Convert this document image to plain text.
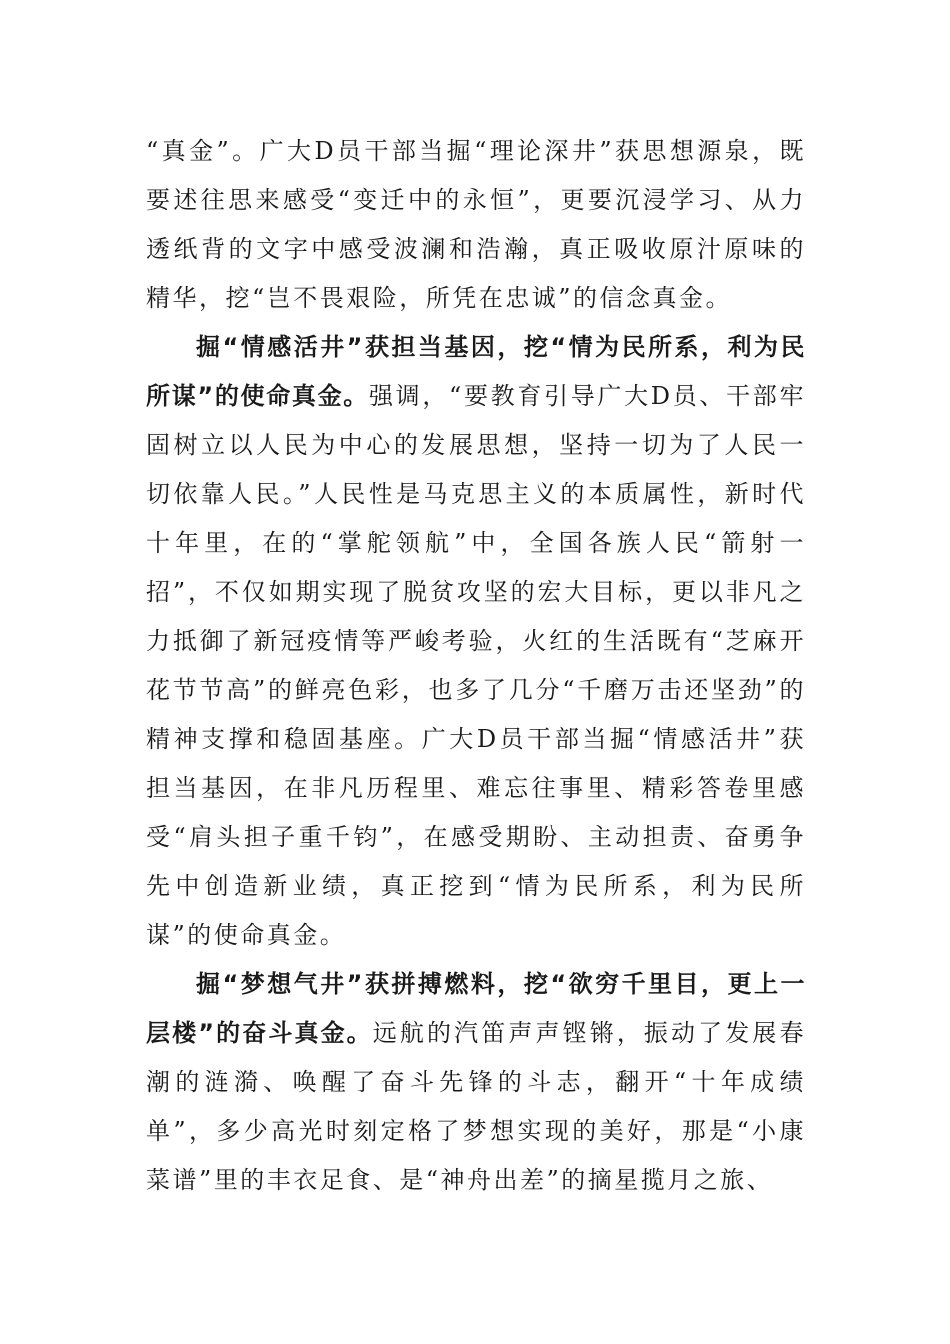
“真金”。广大D员干部当掘“理论深井”获思想源泉，既要述往思来感受“变迁中的永恒”，更要沉浸学习、从力透纸背的文字中感受波澜和浩瀚，真正吸收原汁原味的精华，挖“岂不畏艰险，所凭在忠诚”的信念真金。

掘“情感活井”获担当基因，挖“情为民所系，利为民所谋”的使命真金。强调，“要教育引导广大D员、干部牢固树立以人民为中心的发展思想，坚持一切为了人民一切依靠人民。”人民性是马克思主义的本质属性，新时代十年里，在的“掌舵领航”中，全国各族人民“箭射一招”，不仅如期实现了脱贫攻坚的宏大目标，更以非凡之力抵御了新冠疫情等严峻考验，火红的生活既有“芝麻开花节节高”的鲜亮色彩，也多了几分“千磨万击还坚劲”的精神支撑和稳固基座。广大D员干部当掘“情感活井”获担当基因，在非凡历程里、难忘往事里、精彩答卷里感受“肩头担子重千钧”，在感受期盼、主动担责、奋勇争先中创造新业绩，真正挖到“情为民所系，利为民所谋”的使命真金。

掘“梦想气井”获拼搏燃料，挖“欲穷千里目，更上一层楼”的奋斗真金。远航的汽笛声声铿锵，振动了发展春潮的涟漪、唤醒了奋斗先锋的斗志，翻开“十年成绩单”，多少高光时刻定格了梦想实现的美好，那是“小康菜谱”里的丰衣足食、是“神舟出差”的摘星揽月之旅、
